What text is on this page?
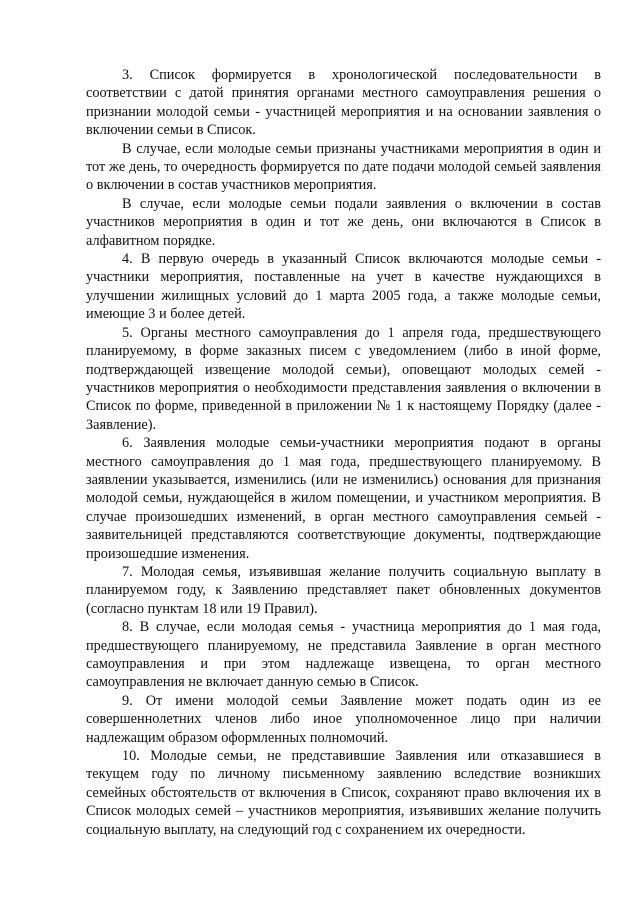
3. Список формируется в хронологической последовательности в соответствии с датой принятия органами местного самоуправления решения о признании молодой семьи - участницей мероприятия и на основании заявления о включении семьи в Список.

В случае, если молодые семьи признаны участниками мероприятия в один и тот же день, то очередность формируется по дате подачи молодой семьей заявления о включении в состав участников мероприятия.

В случае, если молодые семьи подали заявления о включении в состав участников мероприятия в один и тот же день, они включаются в Список в алфавитном порядке.

4. В первую очередь в указанный Список включаются молодые семьи - участники мероприятия, поставленные на учет в качестве нуждающихся в улучшении жилищных условий до 1 марта 2005 года, а также молодые семьи, имеющие 3 и более детей.

5. Органы местного самоуправления до 1 апреля года, предшествующего планируемому, в форме заказных писем с уведомлением (либо в иной форме, подтверждающей извещение молодой семьи), оповещают молодых семей - участников мероприятия о необходимости представления заявления о включении в Список по форме, приведенной в приложении № 1 к настоящему Порядку (далее - Заявление).

6. Заявления молодые семьи-участники мероприятия подают в органы местного самоуправления до 1 мая года, предшествующего планируемому. В заявлении указывается, изменились (или не изменились) основания для признания молодой семьи, нуждающейся в жилом помещении, и участником мероприятия. В случае произошедших изменений, в орган местного самоуправления семьей - заявительницей представляются соответствующие документы, подтверждающие произошедшие изменения.

7. Молодая семья, изъявившая желание получить социальную выплату в планируемом году, к Заявлению представляет пакет обновленных документов (согласно пунктам 18 или 19 Правил).

8. В случае, если молодая семья - участница мероприятия до 1 мая года, предшествующего планируемому, не представила Заявление в орган местного самоуправления и при этом надлежаще извещена, то орган местного самоуправления не включает данную семью в Список.

9. От имени молодой семьи Заявление может подать один из ее совершеннолетних членов либо иное уполномоченное лицо при наличии надлежащим образом оформленных полномочий.

10. Молодые семьи, не представившие Заявления или отказавшиеся в текущем году по личному письменному заявлению вследствие возникших семейных обстоятельств от включения в Список, сохраняют право включения их в Список молодых семей – участников мероприятия, изъявивших желание получить социальную выплату, на следующий год с сохранением их очередности.
